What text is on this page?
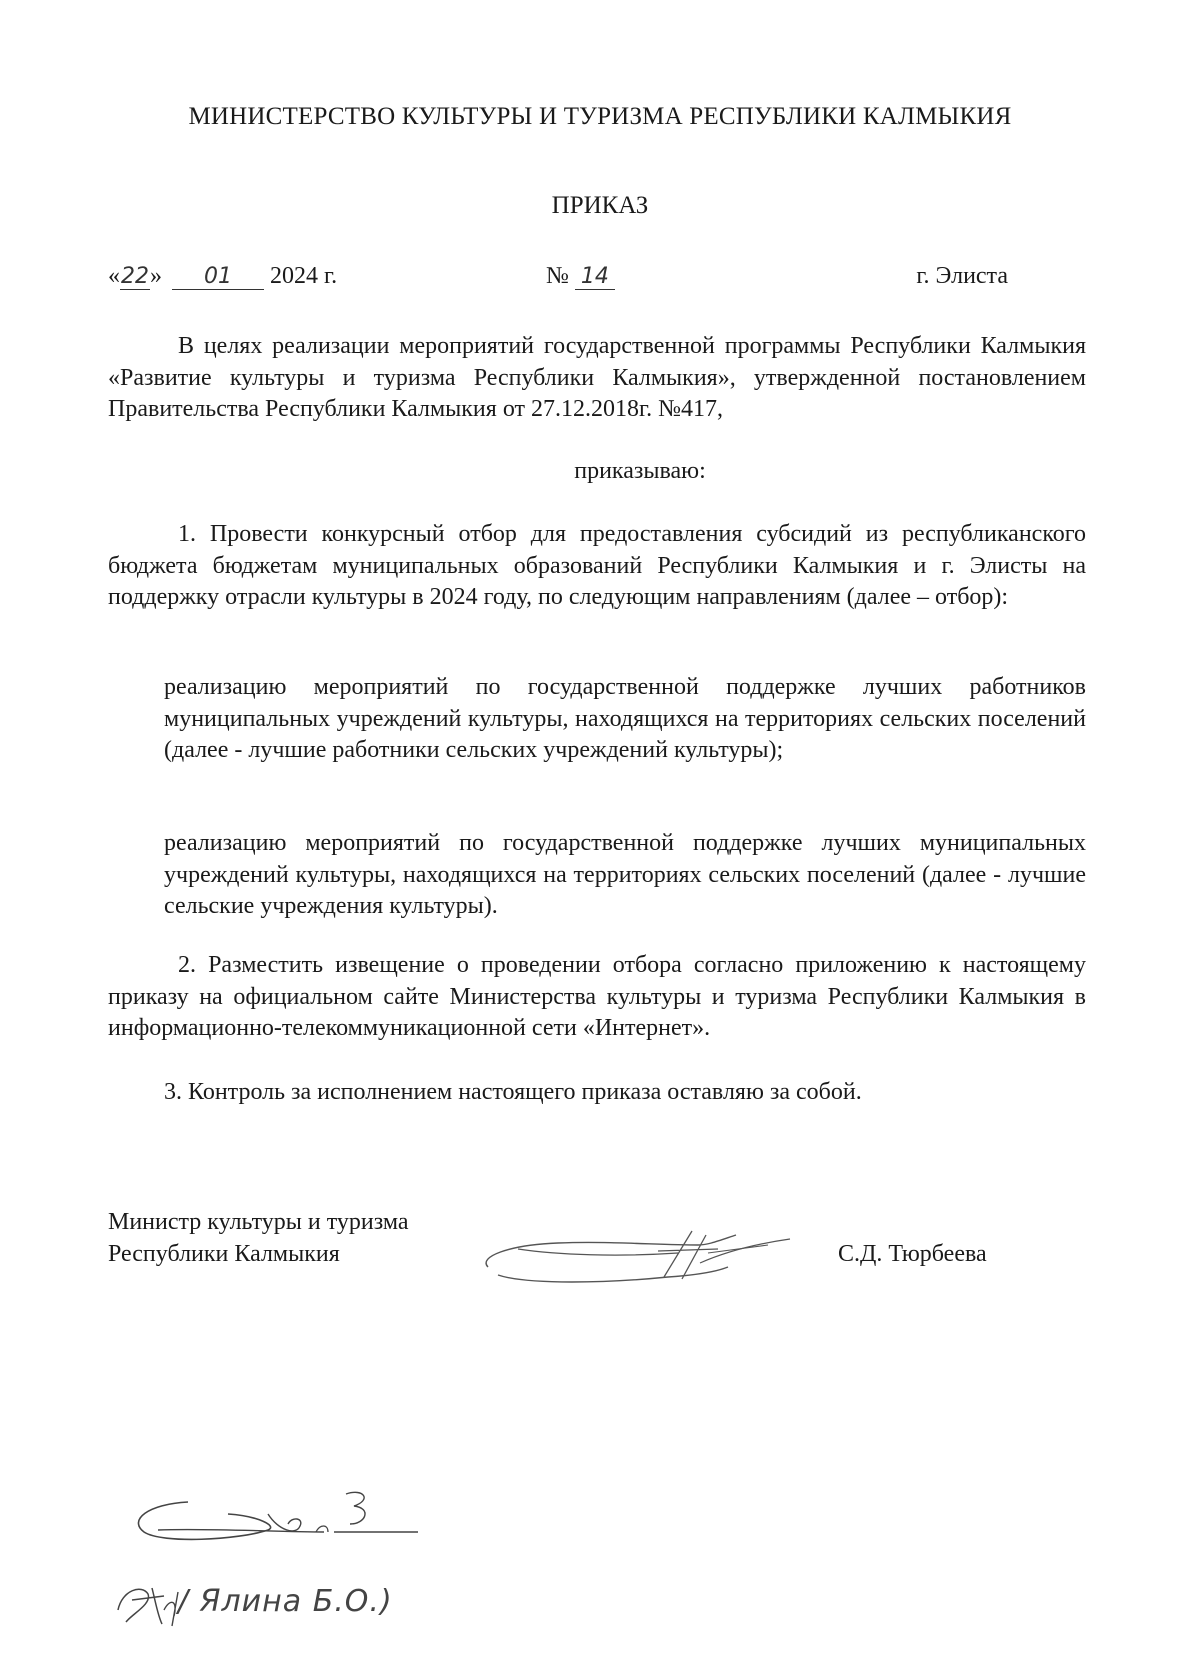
МИНИСТЕРСТВО КУЛЬТУРЫ И ТУРИЗМА РЕСПУБЛИКИ КАЛМЫКИЯ
ПРИКАЗ
«22» 01 2024 г.	№ 14	г. Элиста
В целях реализации мероприятий государственной программы Республики Калмыкия «Развитие культуры и туризма Республики Калмыкия», утвержденной постановлением Правительства Республики Калмыкия от 27.12.2018г. №417,
приказываю:
1. Провести конкурсный отбор для предоставления субсидий из республиканского бюджета бюджетам муниципальных образований Республики Калмыкия и г. Элисты на поддержку отрасли культуры в 2024 году, по следующим направлениям (далее – отбор):
реализацию мероприятий по государственной поддержке лучших работников муниципальных учреждений культуры, находящихся на территориях сельских поселений (далее - лучшие работники сельских учреждений культуры);
реализацию мероприятий по государственной поддержке лучших муниципальных учреждений культуры, находящихся на территориях сельских поселений (далее - лучшие сельские учреждения культуры).
2. Разместить извещение о проведении отбора согласно приложению к настоящему приказу на официальном сайте Министерства культуры и туризма Республики Калмыкия в информационно-телекоммуникационной сети «Интернет».
3. Контроль за исполнением настоящего приказа оставляю за собой.
Министр культуры и туризма
Республики Калмыкия	С.Д. Тюрбеева
/ Ялина Б.О.)
